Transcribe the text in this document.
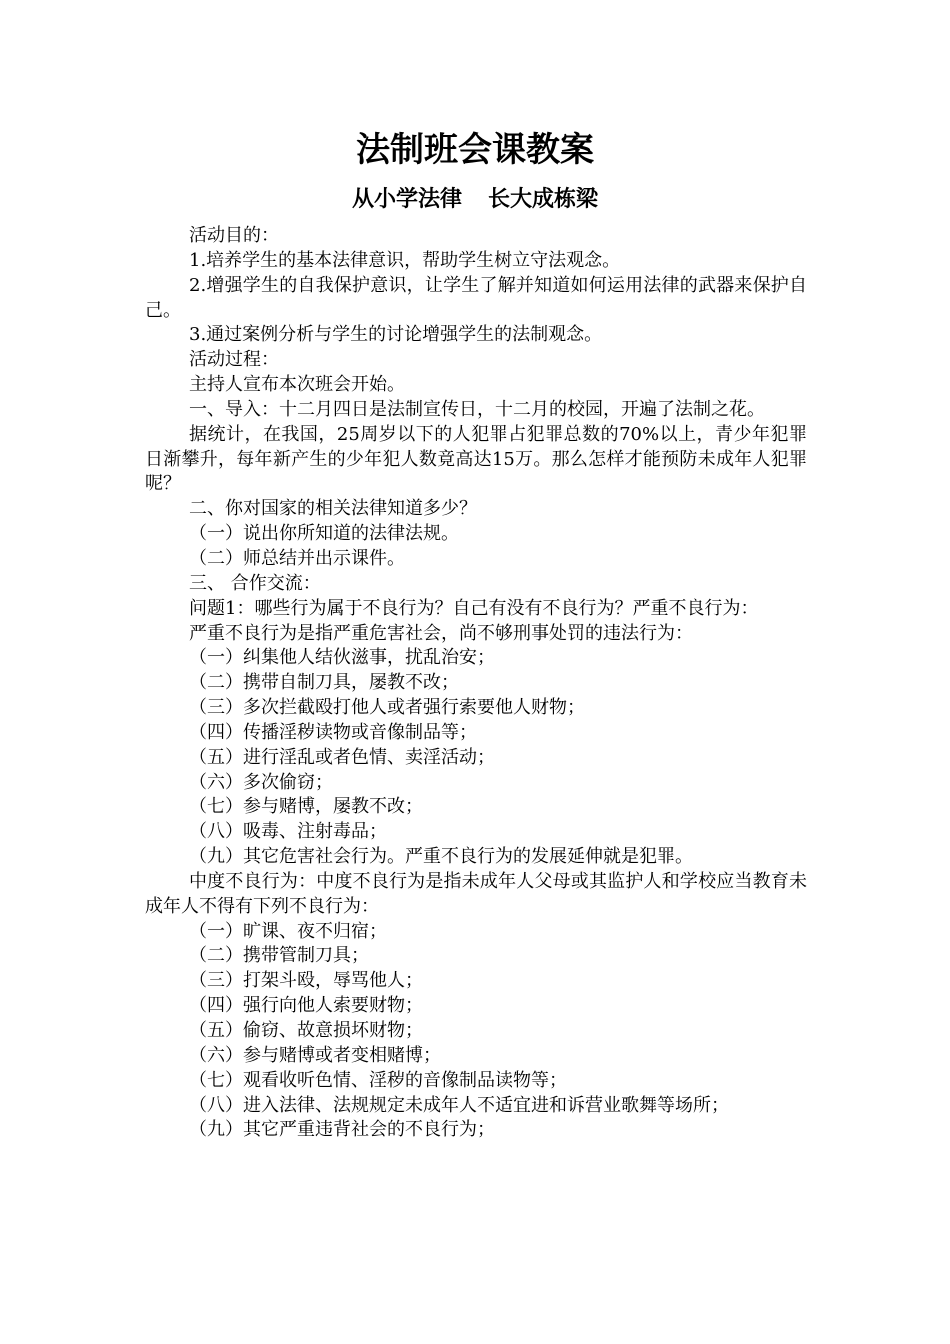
法制班会课教案
从小学法律 长大成栋梁

活动目的：

1.培养学生的基本法律意识，帮助学生树立守法观念。

2.增强学生的自我保护意识，让学生了解并知道如何运用法律的武器来保护自己。

3.通过案例分析与学生的讨论增强学生的法制观念。

活动过程：

主持人宣布本次班会开始。

一、导入：十二月四日是法制宣传日，十二月的校园，开遍了法制之花。

据统计，在我国，25周岁以下的人犯罪占犯罪总数的70%以上，青少年犯罪日渐攀升，每年新产生的少年犯人数竟高达15万。那么怎样才能预防未成年人犯罪呢？

二、你对国家的相关法律知道多少？

（一）说出你所知道的法律法规。

（二）师总结并出示课件。

三、 合作交流：

问题1：哪些行为属于不良行为？自己有没有不良行为？严重不良行为：

严重不良行为是指严重危害社会，尚不够刑事处罚的违法行为：

（一）纠集他人结伙滋事，扰乱治安；

（二）携带自制刀具，屡教不改；

（三）多次拦截殴打他人或者强行索要他人财物；

（四）传播淫秽读物或音像制品等；

（五）进行淫乱或者色情、卖淫活动；

（六）多次偷窃；

（七）参与赌博，屡教不改；

（八）吸毒、注射毒品；

（九）其它危害社会行为。严重不良行为的发展延伸就是犯罪。

中度不良行为：中度不良行为是指未成年人父母或其监护人和学校应当教育未成年人不得有下列不良行为：

（一）旷课、夜不归宿；

（二）携带管制刀具；

（三）打架斗殴，辱骂他人；

（四）强行向他人索要财物；

（五）偷窃、故意损坏财物；

（六）参与赌博或者变相赌博；

（七）观看收听色情、淫秽的音像制品读物等；

（八）进入法律、法规规定未成年人不适宜进和诉营业歌舞等场所；

（九）其它严重违背社会的不良行为；
